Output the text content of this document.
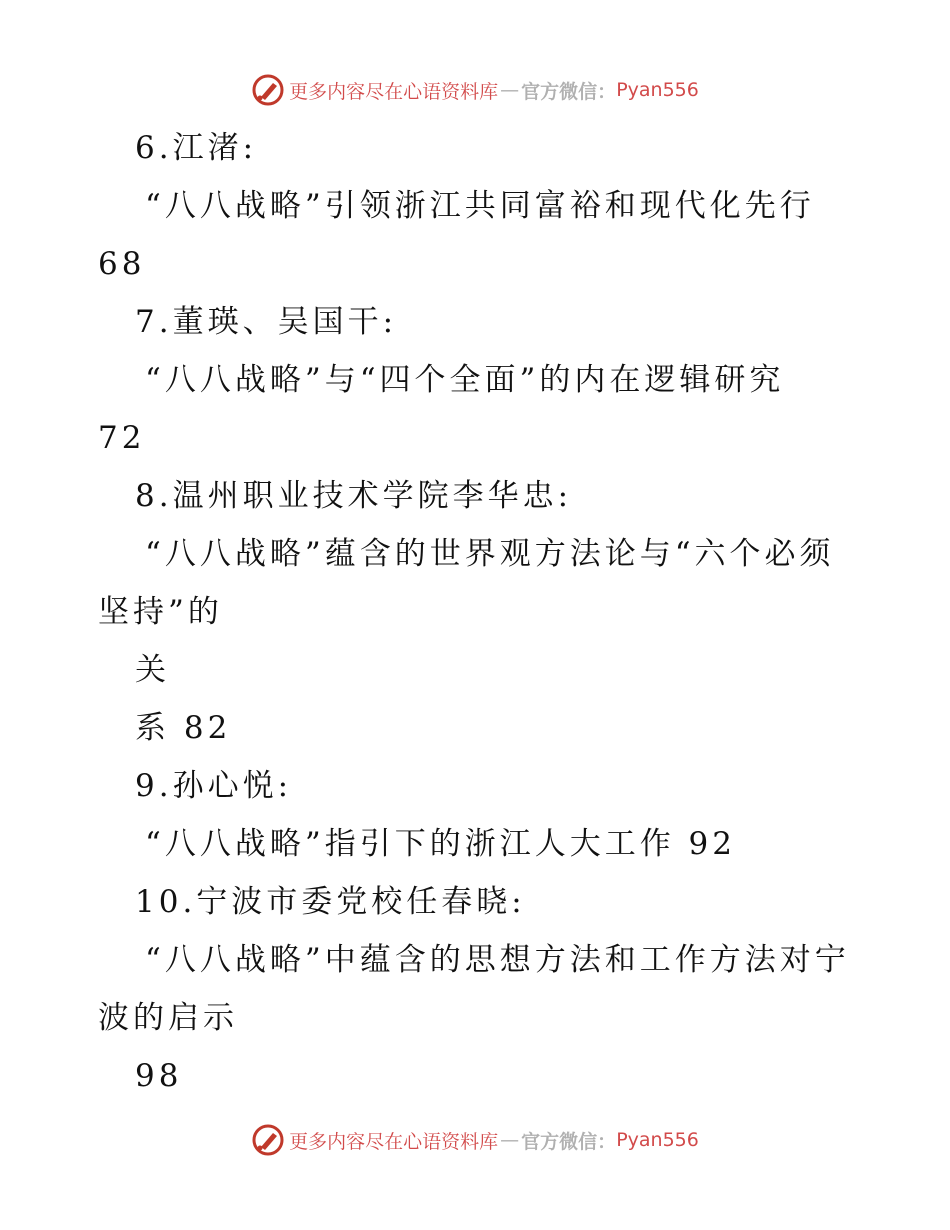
更多内容尽在心语资料库 — 官方微信： Pyan556
6.江渚:
“八八战略”引领浙江共同富裕和现代化先行
68
7.董瑛、吴国干:
“八八战略”与“四个全面”的内在逻辑研究
72
8.温州职业技术学院李华忠:
“八八战略”蕴含的世界观方法论与“六个必须
坚持”的
关
系 82
9.孙心悦:
“八八战略”指引下的浙江人大工作 92
10.宁波市委党校任春晓:
“八八战略”中蕴含的思想方法和工作方法对宁
波的启示
98
更多内容尽在心语资料库 — 官方微信： Pyan556
